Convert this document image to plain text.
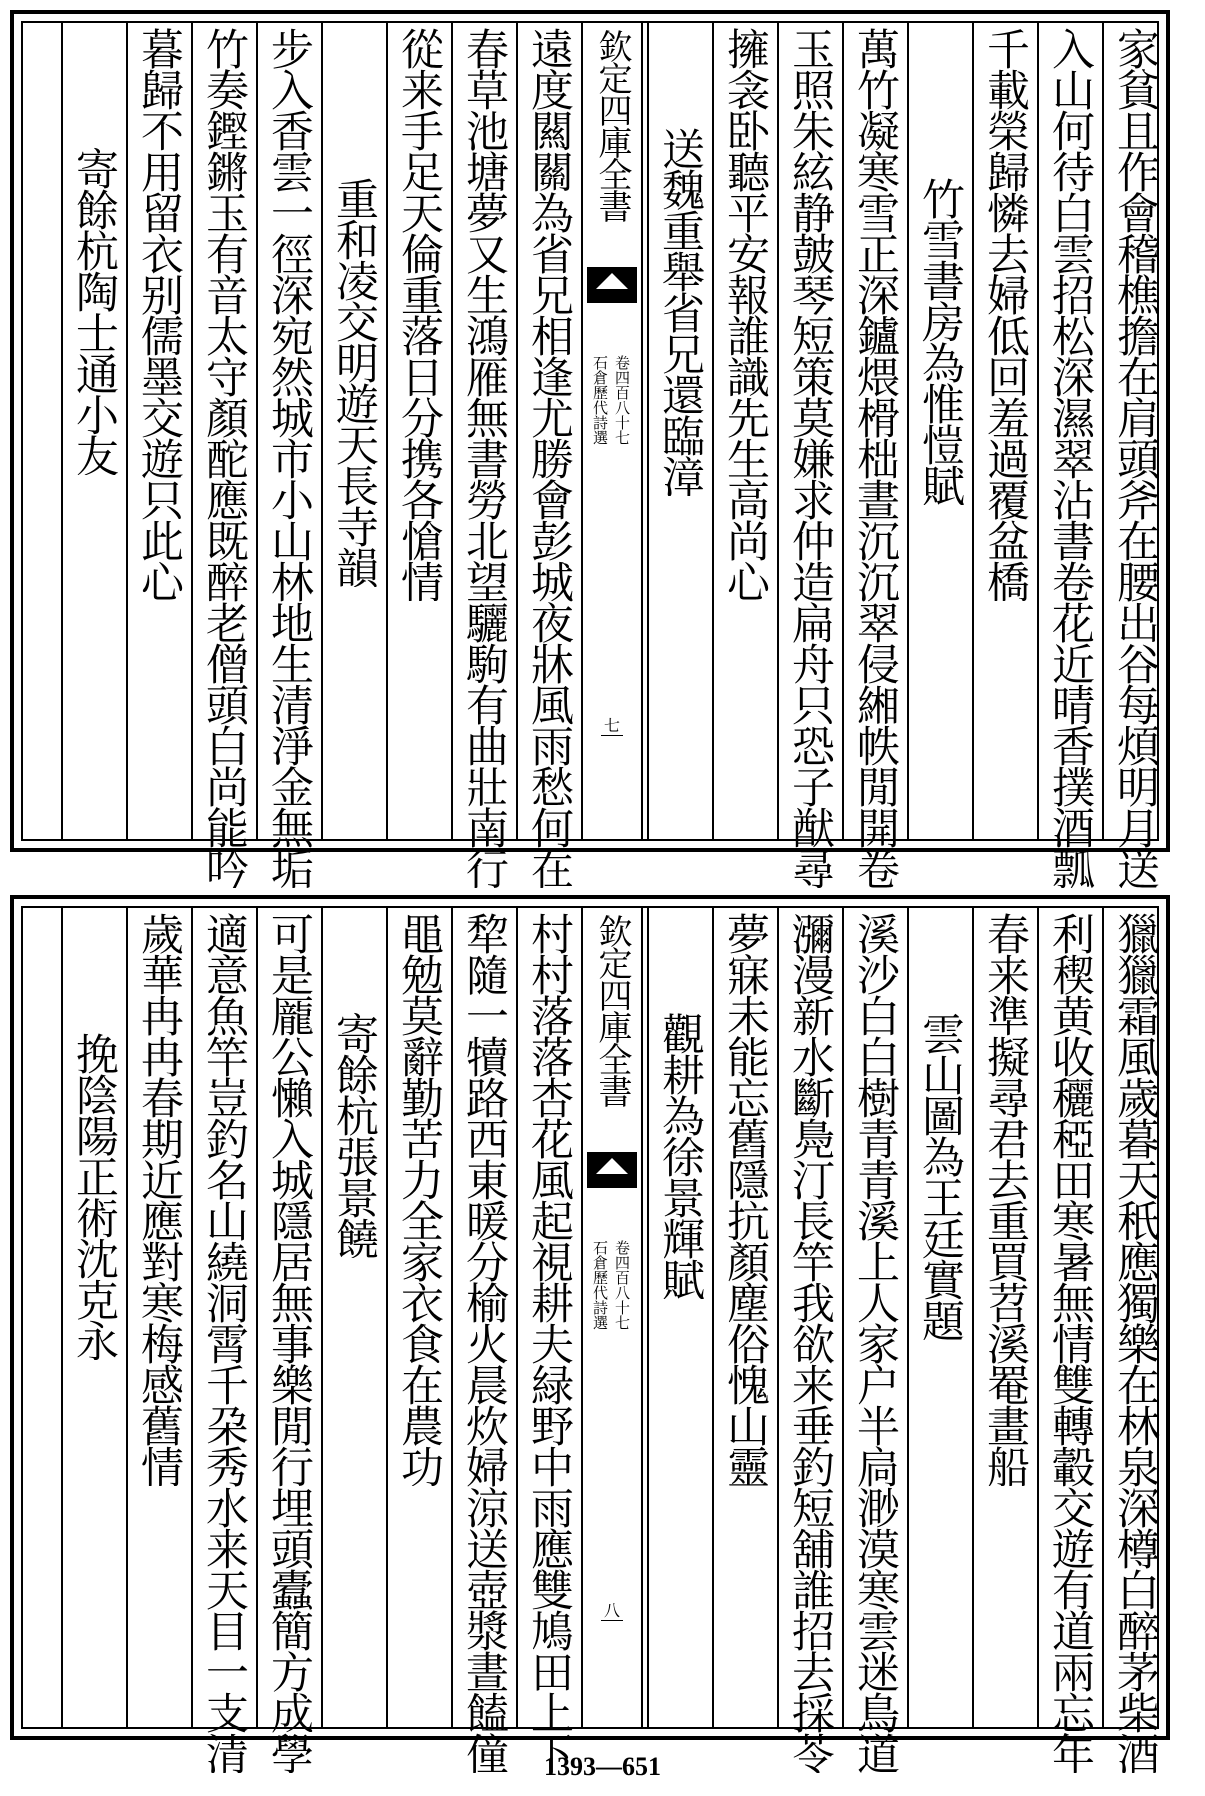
家貧且作會稽樵擔在肩頭斧在腰出谷每煩明月送
入山何待白雲招松深濕翠沾書卷花近晴香撲酒瓢
千載榮歸憐去婦低回羞過覆盆橋
竹雪書房為惟愷賦
萬竹凝寒雪正深鑪煨榾柮晝沉沉翠侵緗帙閒開卷
玉照朱絃静皷琴短策莫嫌求仲造扁舟只恐子猷尋
擁衾卧聽平安報誰識先生高尚心
送魏重舉省兄還臨漳
欽定四庫全書
石倉歷代詩選 卷四百八十七
七
遠度闗關為省兄相逢尤勝會彭城夜牀風雨愁何在
春草池塘夢又生鴻雁無書勞北望驪駒有曲壯南行
從来手足天倫重落日分携各愴情
重和凌交明遊天長寺韻
步入香雲一徑深宛然城市小山林地生清淨金無垢
竹奏鏗鏘玉有音太守顏酡應既醉老僧頭白尚能吟
暮歸不用留衣别儒墨交遊只此心
寄餘杭陶士通小友
獵獵霜風歲暮天秖應獨樂在林泉深樽白醉茅柴酒
利稧黄收穲稏田寒暑無情雙轉轂交遊有道兩忘年
春来準擬尋君去重買苕溪罨畫船
雲山圖為王廷實題
溪沙白白樹青青溪上人家户半扃渺漠寒雲迷鳥道
瀰漫新水斷鳧汀長竿我欲来垂釣短舖誰招去採苓
夢寐未能忘舊隱抗顏塵俗愧山靈
觀耕為徐景輝賦
欽定四庫全書
石倉歷代詩選 卷四百八十七
八
村村落落杏花風起視耕夫緑野中雨應雙鳩田上下
犂隨一犢路西東暖分榆火晨炊婦涼送壺漿晝饁僮
黽勉莫辭勤苦力全家衣食在農功
寄餘杭張景饒
可是龎公懶入城隱居無事樂閒行埋頭蠹簡方成學
適意魚竿豈釣名山繞洞霄千朶秀水来天目一支清
歲華冉冉春期近應對寒梅感舊情
挽陰陽正術沈克永
1393—651
